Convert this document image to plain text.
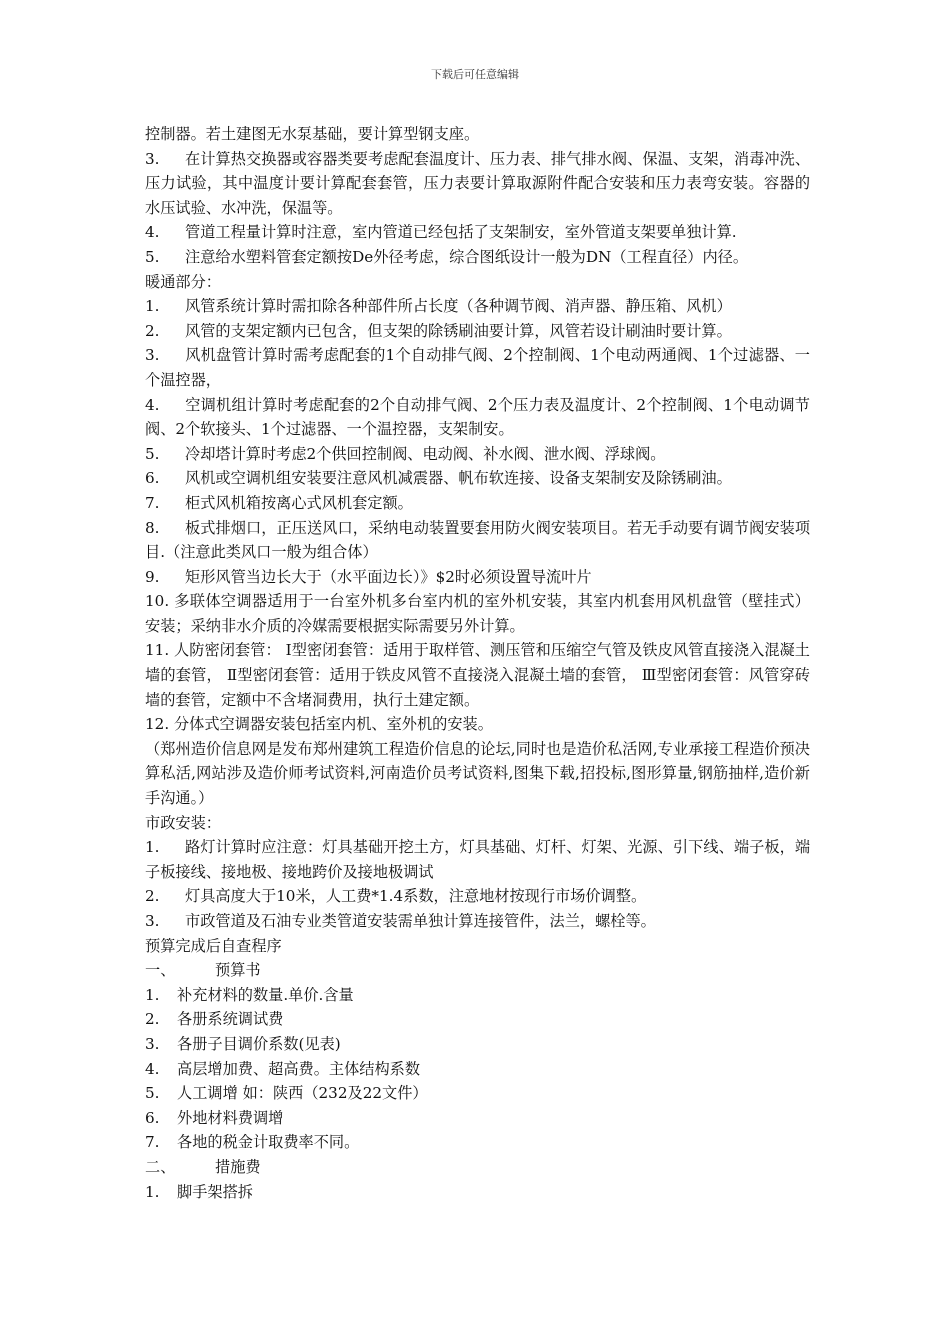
下载后可任意编辑

控制器。若土建图无水泵基础，要计算型钢支座。

3. 在计算热交换器或容器类要考虑配套温度计、压力表、排气排水阀、保温、支架，消毒冲洗、压力试验，其中温度计要计算配套套管，压力表要计算取源附件配合安装和压力表弯安装。容器的水压试验、水冲洗，保温等。

4. 管道工程量计算时注意，室内管道已经包括了支架制安，室外管道支架要单独计算.

5. 注意给水塑料管套定额按De外径考虑，综合图纸设计一般为DN（工程直径）内径。

暖通部分：

1. 风管系统计算时需扣除各种部件所占长度（各种调节阀、消声器、静压箱、风机）

2. 风管的支架定额内已包含，但支架的除锈刷油要计算，风管若设计刷油时要计算。

3. 风机盘管计算时需考虑配套的1个自动排气阀、2个控制阀、1个电动两通阀、1个过滤器、一个温控器，

4. 空调机组计算时考虑配套的2个自动排气阀、2个压力表及温度计、2个控制阀、1个电动调节阀、2个软接头、1个过滤器、一个温控器，支架制安。

5. 冷却塔计算时考虑2个供回控制阀、电动阀、补水阀、泄水阀、浮球阀。

6. 风机或空调机组安装要注意风机减震器、帆布软连接、设备支架制安及除锈刷油。

7. 柜式风机箱按离心式风机套定额。

8. 板式排烟口，正压送风口，采纳电动装置要套用防火阀安装项目。若无手动要有调节阀安装项目.（注意此类风口一般为组合体）

9. 矩形风管当边长大于（水平面边长）》$2时必须设置导流叶片

10. 多联体空调器适用于一台室外机多台室内机的室外机安装，其室内机套用风机盘管（壁挂式）安装；采纳非水介质的冷媒需要根据实际需要另外计算。

11. 人防密闭套管： Ⅰ型密闭套管：适用于取样管、测压管和压缩空气管及铁皮风管直接浇入混凝土墙的套管， Ⅱ型密闭套管：适用于铁皮风管不直接浇入混凝土墙的套管， Ⅲ型密闭套管：风管穿砖墙的套管，定额中不含堵洞费用，执行土建定额。

12. 分体式空调器安装包括室内机、室外机的安装。

（郑州造价信息网是发布郑州建筑工程造价信息的论坛,同时也是造价私活网,专业承接工程造价预决算私活,网站涉及造价师考试资料,河南造价员考试资料,图集下载,招投标,图形算量,钢筋抽样,造价新手沟通。）

市政安装：

1. 路灯计算时应注意：灯具基础开挖土方，灯具基础、灯杆、灯架、光源、引下线、端子板，端子板接线、接地极、接地跨价及接地极调试

2. 灯具高度大于10米，人工费*1.4系数，注意地材按现行市场价调整。

3. 市政管道及石油专业类管道安装需单独计算连接管件，法兰，螺栓等。

预算完成后自查程序

一、	预算书

1. 补充材料的数量.单价.含量

2. 各册系统调试费

3. 各册子目调价系数(见表)

4. 高层增加费、超高费。主体结构系数

5. 人工调增 如：陕西（232及22文件）

6. 外地材料费调增

7. 各地的税金计取费率不同。

二、	措施费

1. 脚手架搭拆
